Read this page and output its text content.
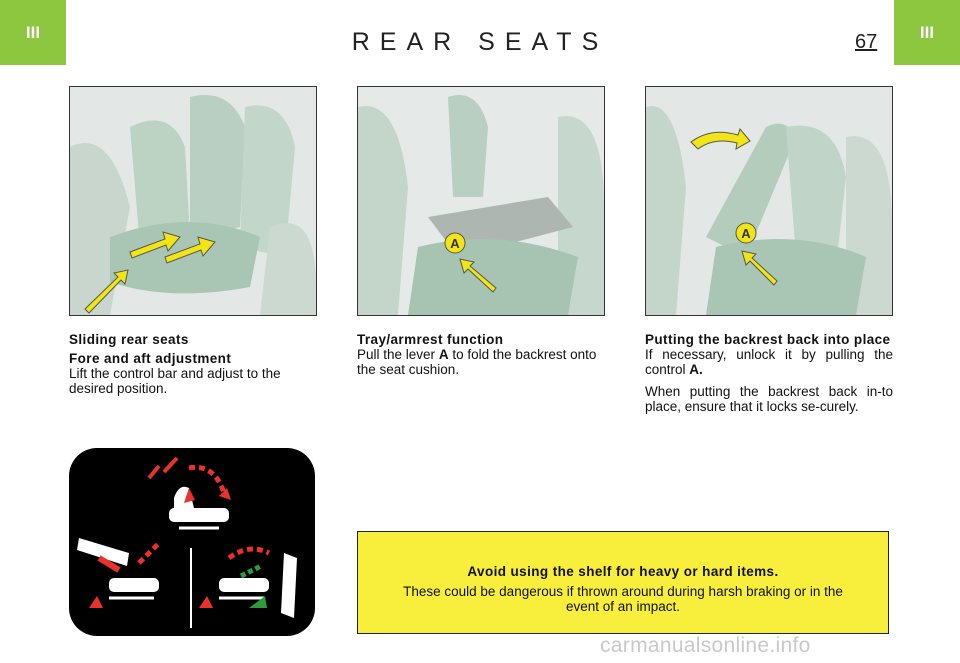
III	III
REAR SEATS	67
A
A

Sliding rear seats

Fore and aft adjustment

Lift the control bar and adjust to the desired position.

Tray/armrest function

Pull the lever A to fold the backrest onto the seat cushion.

Putting the backrest back into place

If necessary, unlock it by pulling the control A.

When putting the backrest back in-to place, ensure that it locks se-curely.

Avoid using the shelf for heavy or hard items.
These could be dangerous if thrown around during harsh braking or in the event of an impact.
carmanualsonline.info
